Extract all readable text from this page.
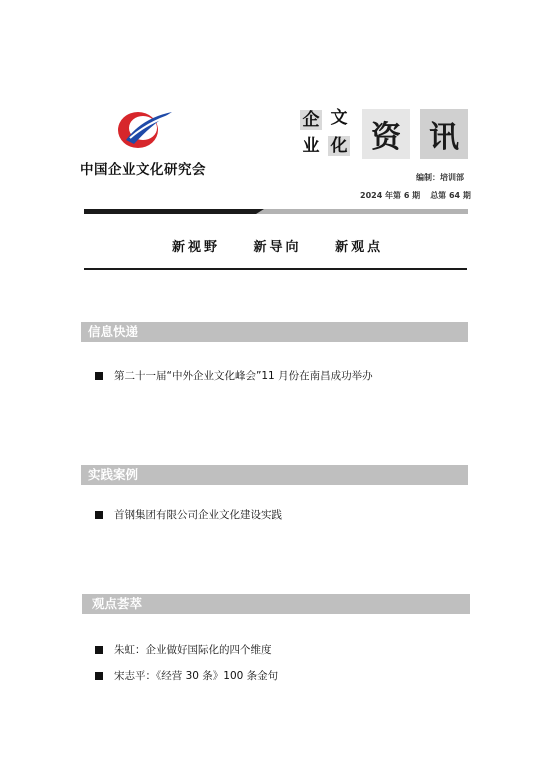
中国企业文化研究会
企 文
业 化 资 讯
编制：培训部
2024 年第 6 期 总第 64 期
新视野	新导向	新观点
信息快递
第二十一届“中外企业文化峰会”11 月份在南昌成功举办
实践案例
首钢集团有限公司企业文化建设实践
观点荟萃
朱虹：企业做好国际化的四个维度
宋志平：《经营 30 条》100 条金句
